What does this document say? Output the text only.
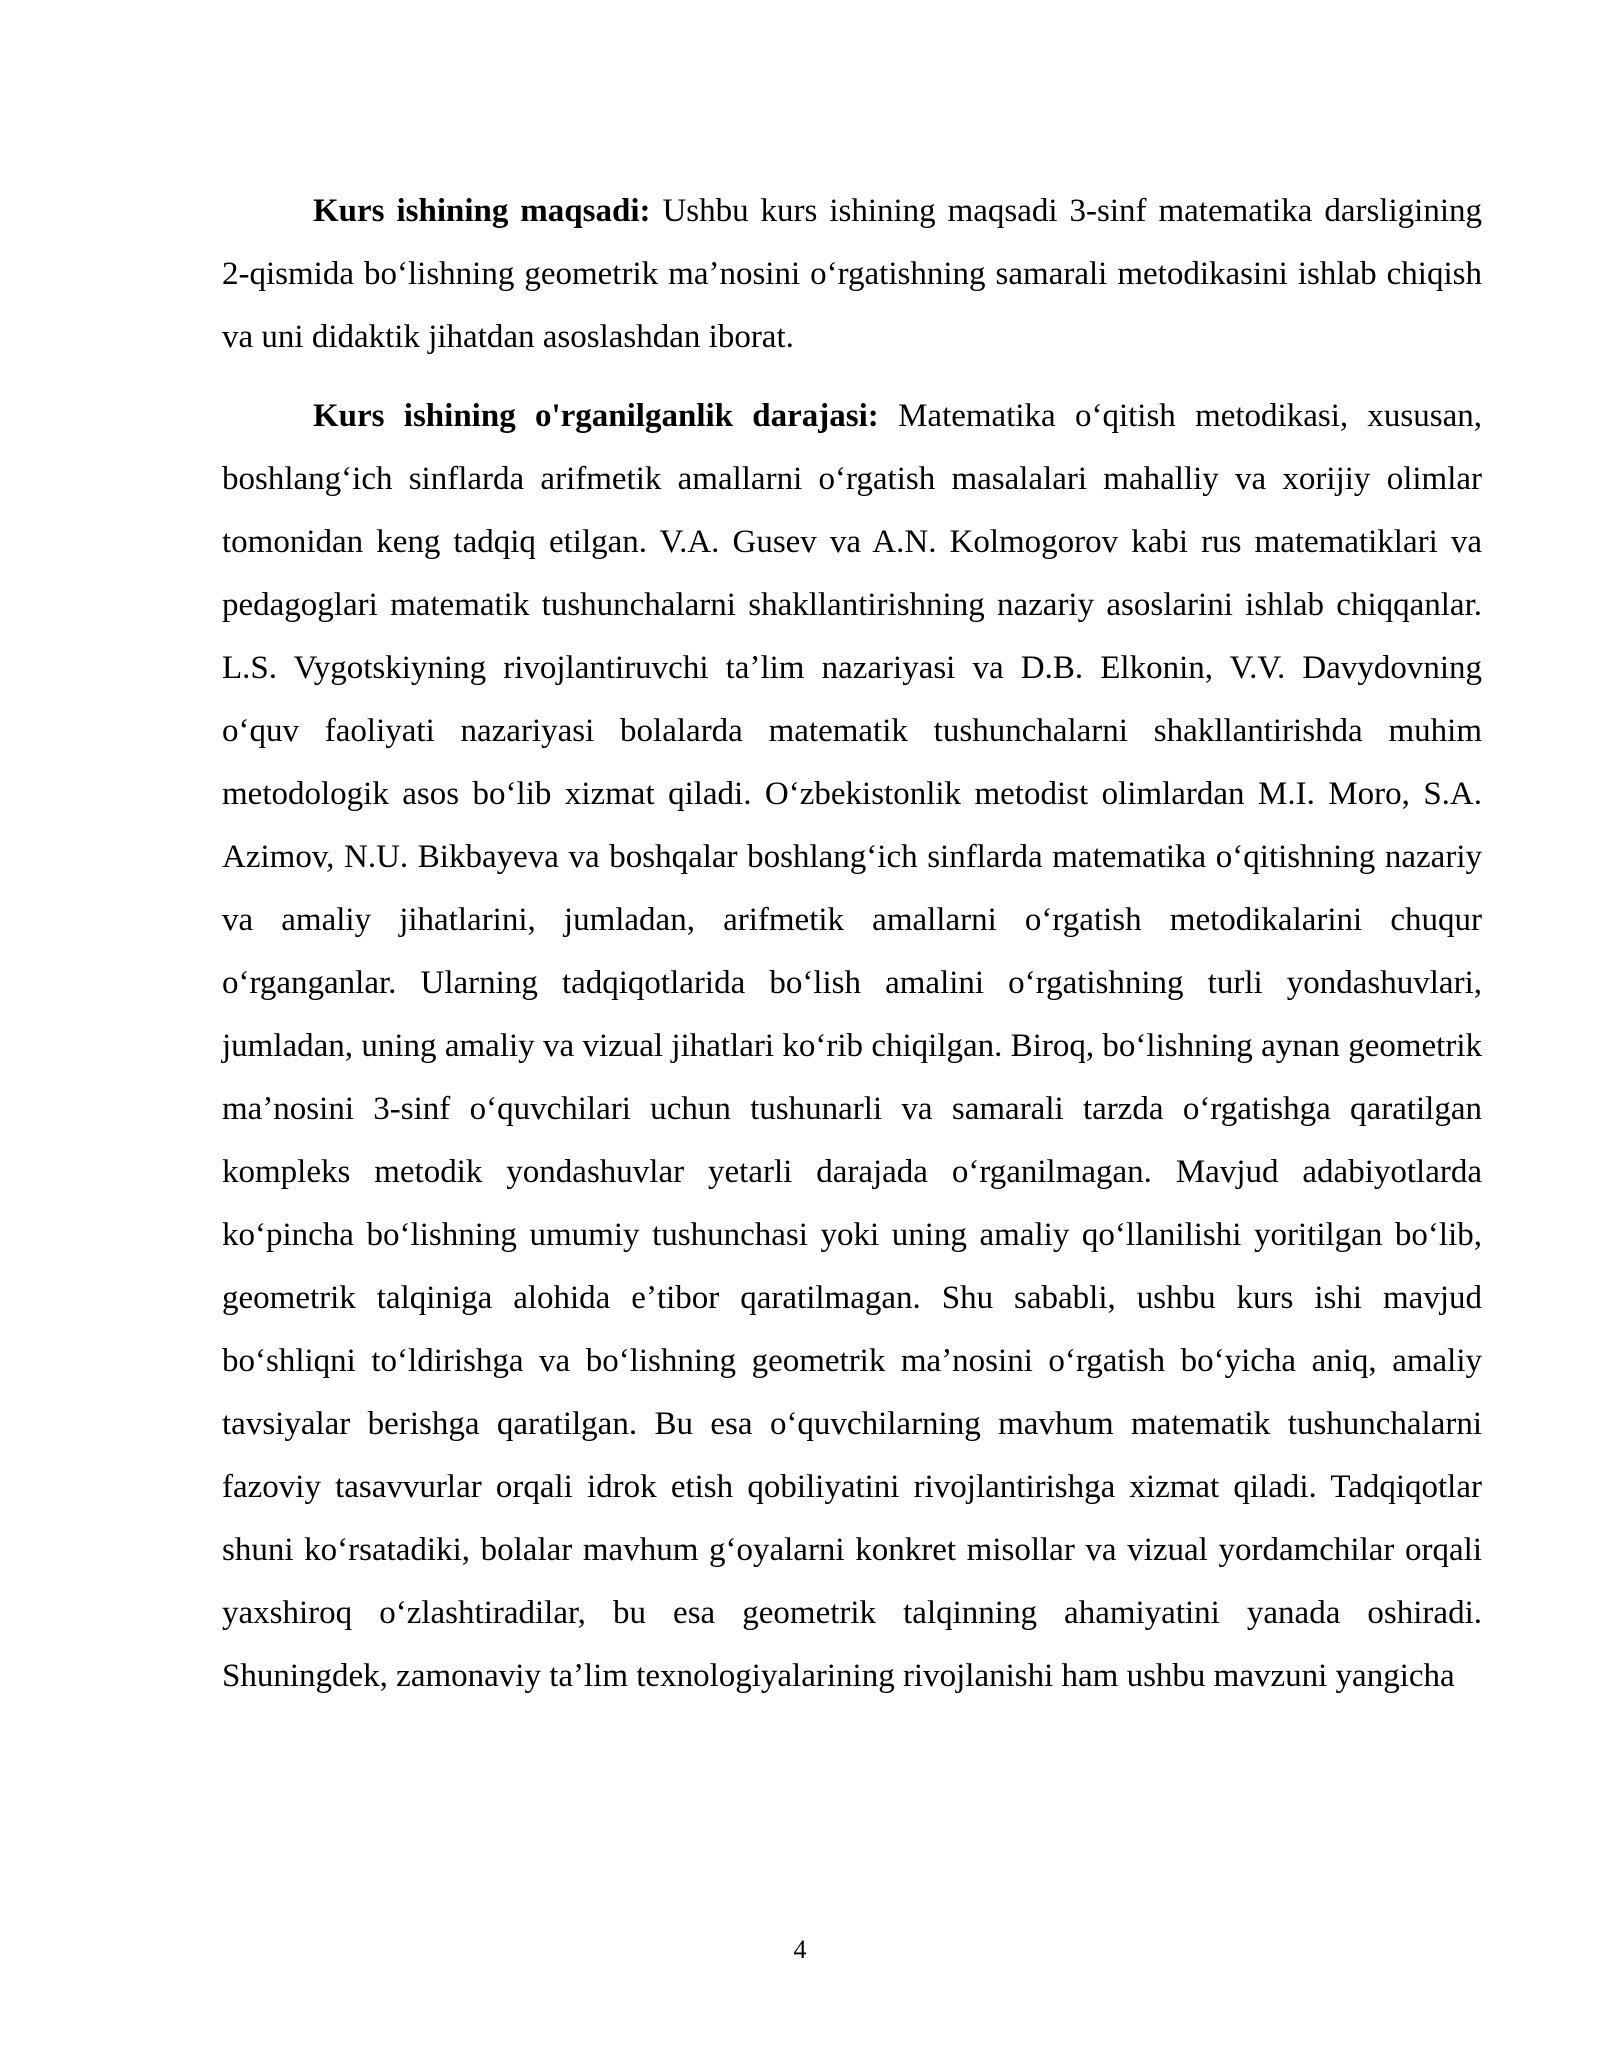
Kurs ishining maqsadi: Ushbu kurs ishining maqsadi 3-sinf matematika darsligining 2-qismida boʻlishning geometrik maʼnosini oʻrgatishning samarali metodikasini ishlab chiqish va uni didaktik jihatdan asoslashdan iborat.

Kurs ishining o'rganilganlik darajasi: Matematika oʻqitish metodikasi, xususan, boshlangʻich sinflarda arifmetik amallarni oʻrgatish masalalari mahalliy va xorijiy olimlar tomonidan keng tadqiq etilgan. V.A. Gusev va A.N. Kolmogorov kabi rus matematiklari va pedagoglari matematik tushunchalarni shakllantirishning nazariy asoslarini ishlab chiqqanlar. L.S. Vygotskiyning rivojlantiruvchi taʼlim nazariyasi va D.B. Elkonin, V.V. Davydovning oʻquv faoliyati nazariyasi bolalarda matematik tushunchalarni shakllantirishda muhim metodologik asos boʻlib xizmat qiladi. Oʻzbekistonlik metodist olimlardan M.I. Moro, S.A. Azimov, N.U. Bikbayeva va boshqalar boshlangʻich sinflarda matematika oʻqitishning nazariy va amaliy jihatlarini, jumladan, arifmetik amallarni oʻrgatish metodikalarini chuqur oʻrganganlar. Ularning tadqiqotlarida boʻlish amalini oʻrgatishning turli yondashuvlari, jumladan, uning amaliy va vizual jihatlari koʻrib chiqilgan. Biroq, boʻlishning aynan geometrik maʼnosini 3-sinf oʻquvchilari uchun tushunarli va samarali tarzda oʻrgatishga qaratilgan kompleks metodik yondashuvlar yetarli darajada oʻrganilmagan. Mavjud adabiyotlarda koʻpincha boʻlishning umumiy tushunchasi yoki uning amaliy qoʻllanilishi yoritilgan boʻlib, geometrik talqiniga alohida eʼtibor qaratilmagan. Shu sababli, ushbu kurs ishi mavjud boʻshliqni toʻldirishga va boʻlishning geometrik maʼnosini oʻrgatish boʻyicha aniq, amaliy tavsiyalar berishga qaratilgan. Bu esa oʻquvchilarning mavhum matematik tushunchalarni fazoviy tasavvurlar orqali idrok etish qobiliyatini rivojlantirishga xizmat qiladi. Tadqiqotlar shuni koʻrsatadiki, bolalar mavhum gʻoyalarni konkret misollar va vizual yordamchilar orqali yaxshiroq oʻzlashtiradilar, bu esa geometrik talqinning ahamiyatini yanada oshiradi. Shuningdek, zamonaviy taʼlim texnologiyalarining rivojlanishi ham ushbu mavzuni yangicha

4
